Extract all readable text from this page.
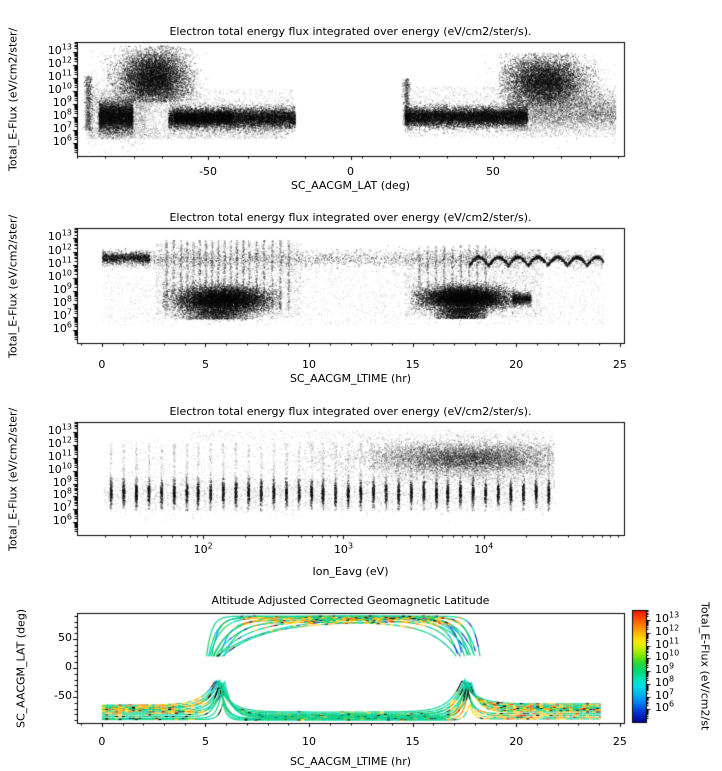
Electron total energy flux integrated over energy (eV/cm2/ster/s).
Electron total energy flux integrated over energy (eV/cm2/ster/s).
Electron total energy flux integrated over energy (eV/cm2/ster/s).
Altitude Adjusted Corrected Geomagnetic Latitude
SC_AACGM_LAT (deg)
SC_AACGM_LTIME (hr)
Ion_Eavg (eV)
SC_AACGM_LTIME (hr)
Total_E-Flux (eV/cm2/ster/
Total_E-Flux (eV/cm2/ster/
Total_E-Flux (eV/cm2/ster/
SC_AACGM_LAT (deg)	Total_E-Flux (eV/cm2/st
-50	0	50
$10^6$
$10^7$
$10^8$
$10^9$
$10^{10}$
$10^{11}$
$10^{12}$
$10^{13}$
0	5	10	15	20	25
$10^6$
$10^7$
$10^8$
$10^9$
$10^{10}$
$10^{11}$
$10^{12}$
$10^{13}$
$10^2$	$10^3$	$10^4$
$10^6$
$10^7$
$10^8$
$10^9$
$10^{10}$
$10^{11}$
$10^{12}$
$10^{13}$
0	5	10	15	20	25
-50
0
50
$10^6$
$10^7$
$10^8$
$10^9$
$10^{10}$
$10^{11}$
$10^{12}$
$10^{13}$
